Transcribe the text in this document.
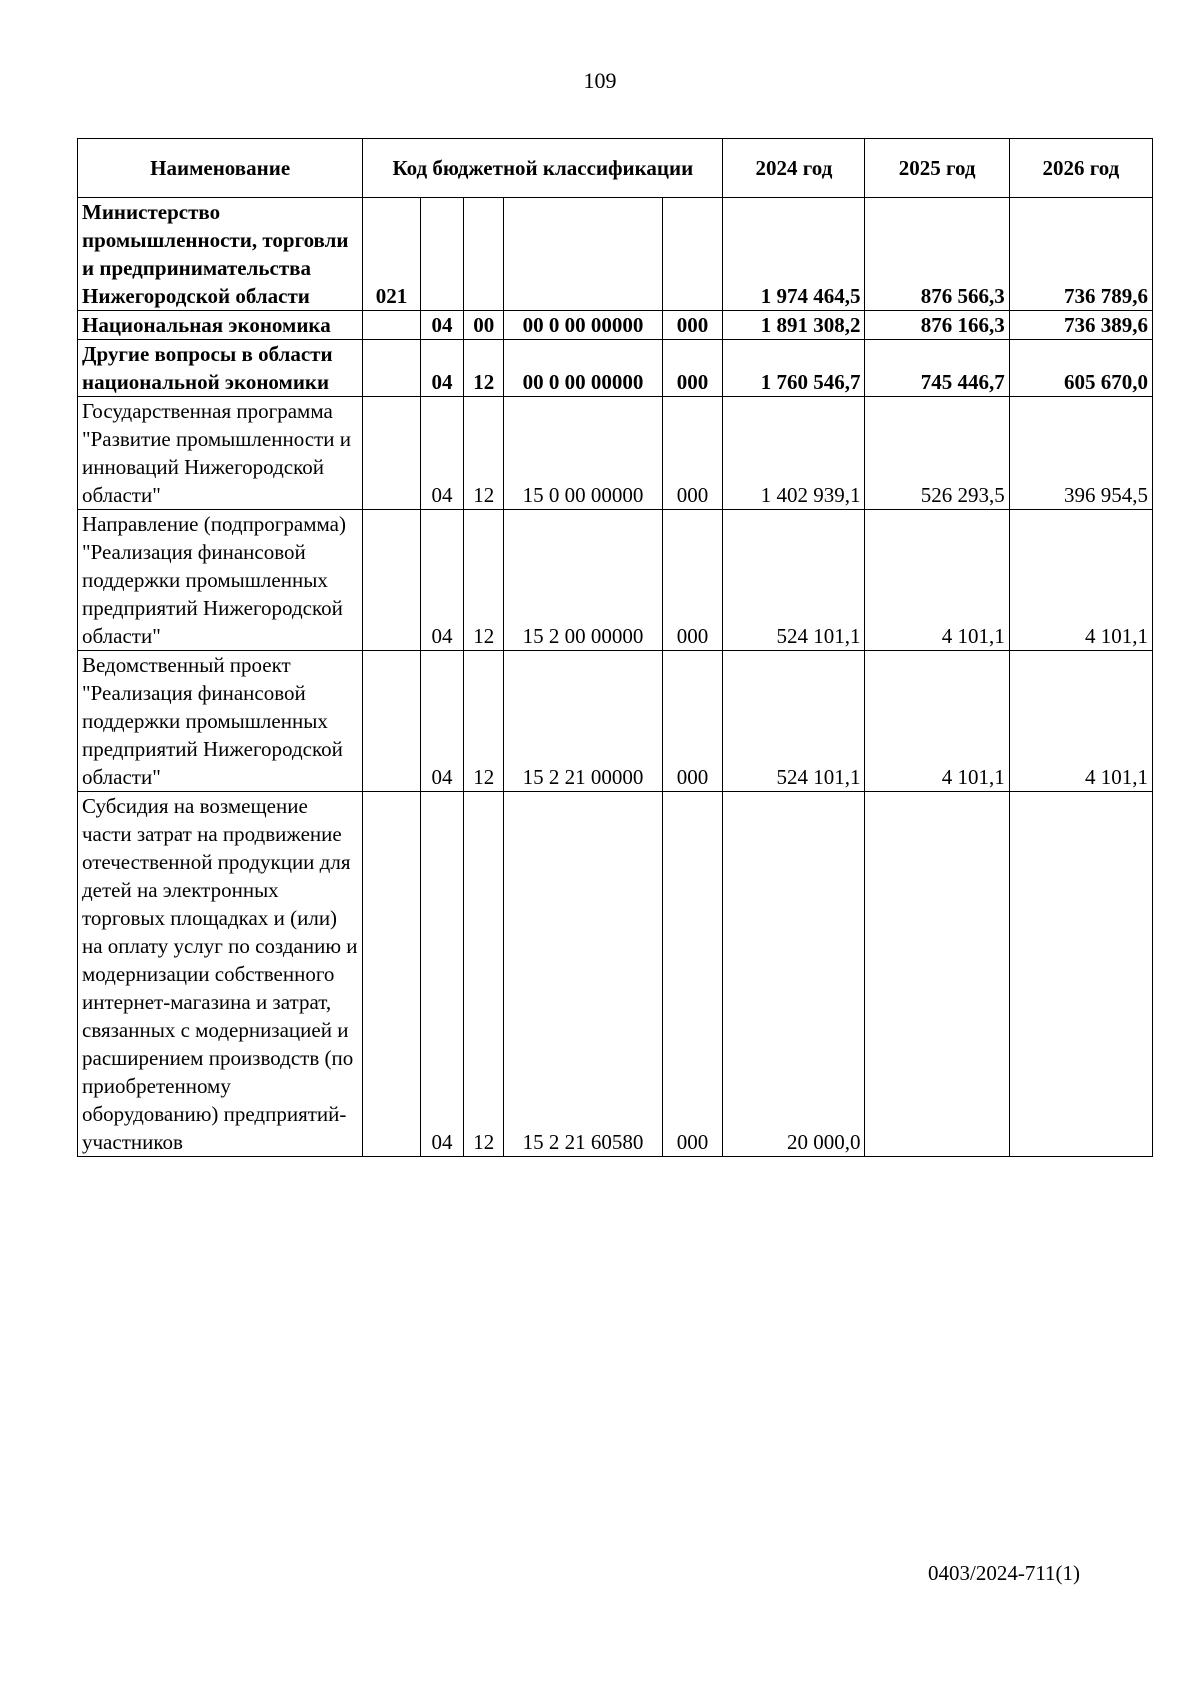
109
Наименование	Код бюджетной классификации					2024 год	2025 год	2026 год
Министерство промышленности, торговли и предпринимательства Нижегородской области	021					1 974 464,5	876 566,3	736 789,6
Национальная экономика		04	00	00 0 00 00000	000	1 891 308,2	876 166,3	736 389,6
Другие вопросы в области национальной экономики		04	12	00 0 00 00000	000	1 760 546,7	745 446,7	605 670,0
Государственная программа "Развитие промышленности и инноваций Нижегородской области"		04	12	15 0 00 00000	000	1 402 939,1	526 293,5	396 954,5
Направление (подпрограмма) "Реализация финансовой поддержки промышленных предприятий Нижегородской области"		04	12	15 2 00 00000	000	524 101,1	4 101,1	4 101,1
Ведомственный проект "Реализация финансовой поддержки промышленных предприятий Нижегородской области"		04	12	15 2 21 00000	000	524 101,1	4 101,1	4 101,1
Субсидия на возмещение части затрат на продвижение отечественной продукции для детей на электронных торговых площадках и (или) на оплату услуг по созданию и модернизации собственного интернет-магазина и затрат, связанных с модернизацией и расширением производств (по приобретенному оборудованию) предприятий-участников		04	12	15 2 21 60580	000	20 000,0		
0403/2024-711(1)
